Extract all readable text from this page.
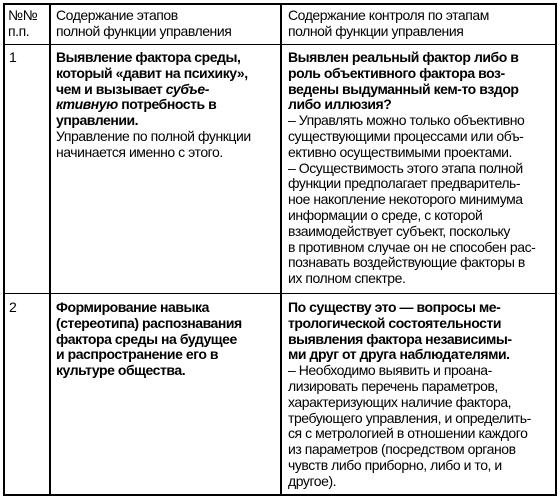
№№
п.п.
Содержание этапов
полной функции управления
Содержание контроля по этапам
полной функции управления
1	Выявление фактора среды,
который «давит на психику»,
чем и вызывает субъе-
ктивную потребность в
управлении.
Управление по полной функции
начинается именно с этого.
Выявлен реальный фактор либо в
роль объективного фактора воз-
ведены выдуманный кем-то вздор
либо иллюзия?
– Управлять можно только объективно
существующими процессами или объ-
ективно осуществимыми проектами.
– Осуществимость этого этапа полной
функции предполагает предваритель-
ное накопление некоторого минимума
информации о среде, с которой
взаимодействует субъект, поскольку
в противном случае он не способен рас-
познавать воздействующие факторы в
их полном спектре.
2	Формирование навыка
(стереотипа) распознавания
фактора среды на будущее
и распространение его в
культуре общества.
По существу это — вопросы ме-
трологической состоятельности
выявления фактора независимы-
ми друг от друга наблюдателями.
– Необходимо выявить и проана-
лизировать перечень параметров,
характеризующих наличие фактора,
требующего управления, и определить-
ся с метрологией в отношении каждого
из параметров (посредством органов
чувств либо приборно, либо и то, и
другое).
